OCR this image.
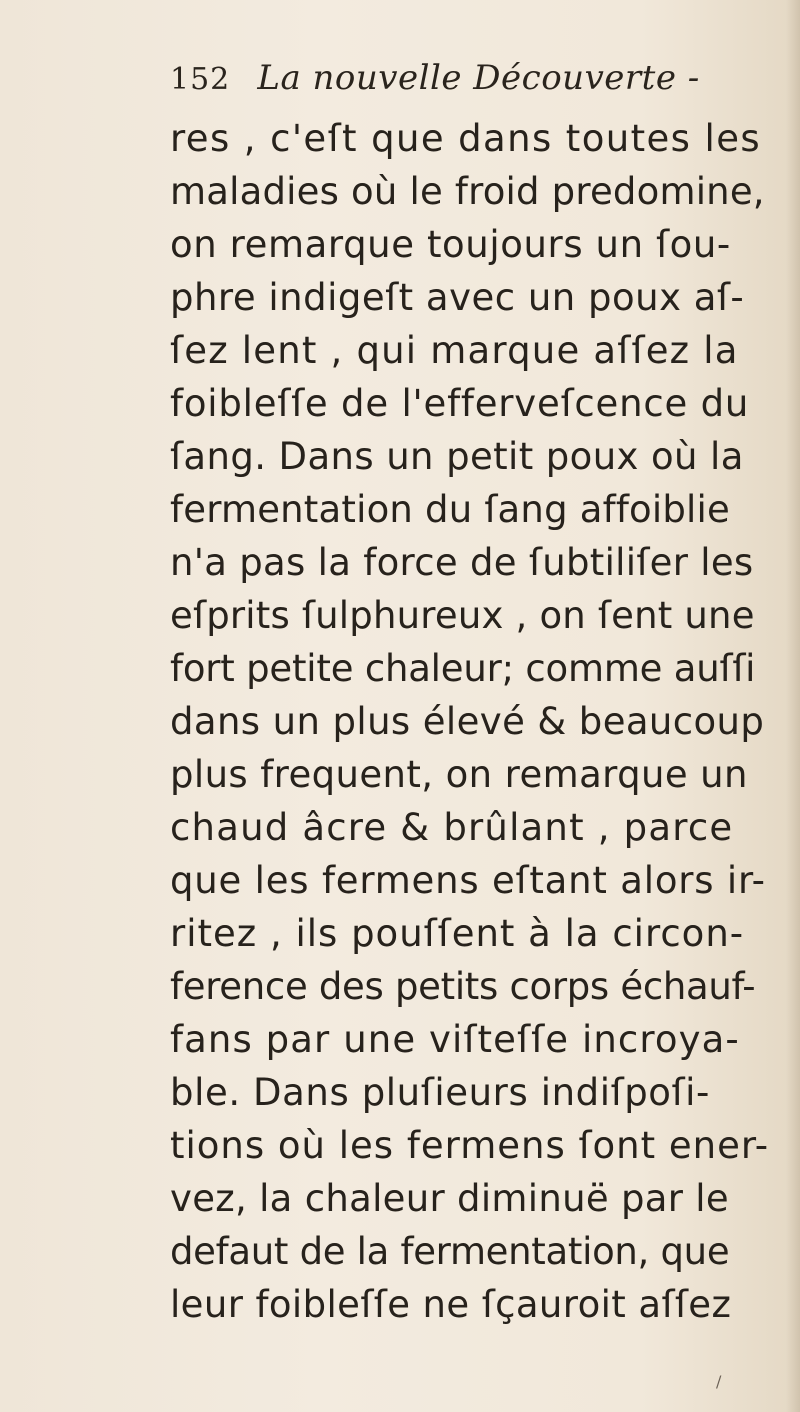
152 La nouvelle Découverte -
res , c'eſt que dans toutes les
maladies où le froid predomine,
on remarque toujours un ſou-
phre indigeſt avec un poux aſ-
ſez lent , qui marque aſſez la
foibleſſe de l'efferveſcence du
ſang. Dans un petit poux où la
fermentation du ſang affoiblie
n'a pas la force de ſubtiliſer les
eſprits ſulphureux , on ſent une
fort petite chaleur; comme auſſi
dans un plus élevé & beaucoup
plus frequent, on remarque un
chaud âcre & brûlant , parce
que les fermens eſtant alors ir-
ritez , ils pouſſent à la circon-
ference des petits corps échauf-
fans par une viſteſſe incroya-
ble. Dans pluſieurs indiſpoſi-
tions où les fermens ſont ener-
vez, la chaleur diminuë par le
defaut de la fermentation, que
leur foibleſſe ne ſçauroit aſſez
/
